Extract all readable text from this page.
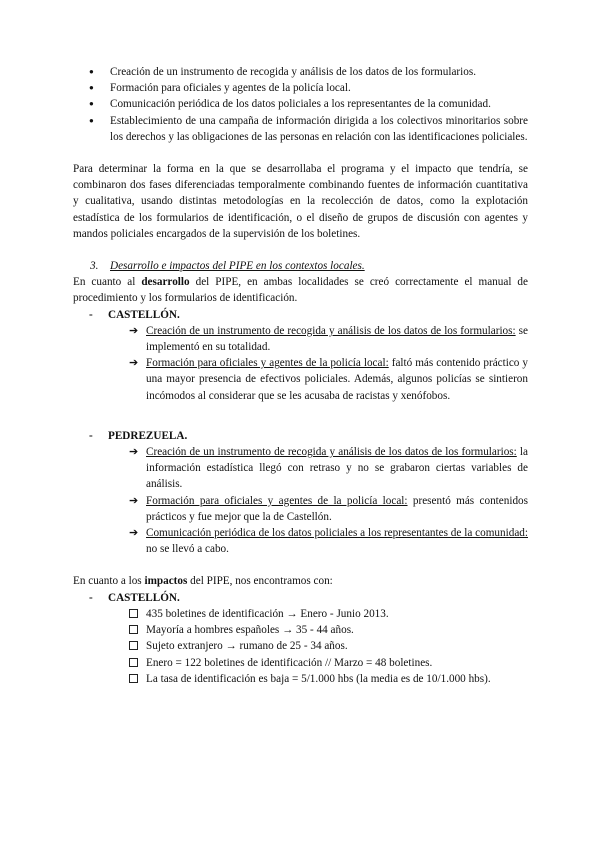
● Creación de un instrumento de recogida y análisis de los datos de los formularios.
● Formación para oficiales y agentes de la policía local.
● Comunicación periódica de los datos policiales a los representantes de la comunidad.
● Establecimiento de una campaña de información dirigida a los colectivos minoritarios sobre los derechos y las obligaciones de las personas en relación con las identificaciones policiales.

Para determinar la forma en la que se desarrollaba el programa y el impacto que tendría, se combinaron dos fases diferenciadas temporalmente combinando fuentes de información cuantitativa y cualitativa, usando distintas metodologías en la recolección de datos, como la explotación estadística de los formularios de identificación, o el diseño de grupos de discusión con agentes y mandos policiales encargados de la supervisión de los boletines.

3. Desarrollo e impactos del PIPE en los contextos locales.

En cuanto al desarrollo del PIPE, en ambas localidades se creó correctamente el manual de procedimiento y los formularios de identificación.

- CASTELLÓN.
➔ Creación de un instrumento de recogida y análisis de los datos de los formularios: se implementó en su totalidad.
➔ Formación para oficiales y agentes de la policía local: faltó más contenido práctico y una mayor presencia de efectivos policiales. Además, algunos policías se sintieron incómodos al considerar que se les acusaba de racistas y xenófobos.
- PEDREZUELA.
➔ Creación de un instrumento de recogida y análisis de los datos de los formularios: la información estadística llegó con retraso y no se grabaron ciertas variables de análisis.
➔ Formación para oficiales y agentes de la policía local: presentó más contenidos prácticos y fue mejor que la de Castellón.
➔ Comunicación periódica de los datos policiales a los representantes de la comunidad: no se llevó a cabo.

En cuanto a los impactos del PIPE, nos encontramos con:

- CASTELLÓN.
435 boletines de identificación → Enero - Junio 2013.
Mayoría a hombres españoles → 35 - 44 años.
Sujeto extranjero → rumano de 25 - 34 años.
Enero = 122 boletines de identificación // Marzo = 48 boletines.
La tasa de identificación es baja = 5/1.000 hbs (la media es de 10/1.000 hbs).
